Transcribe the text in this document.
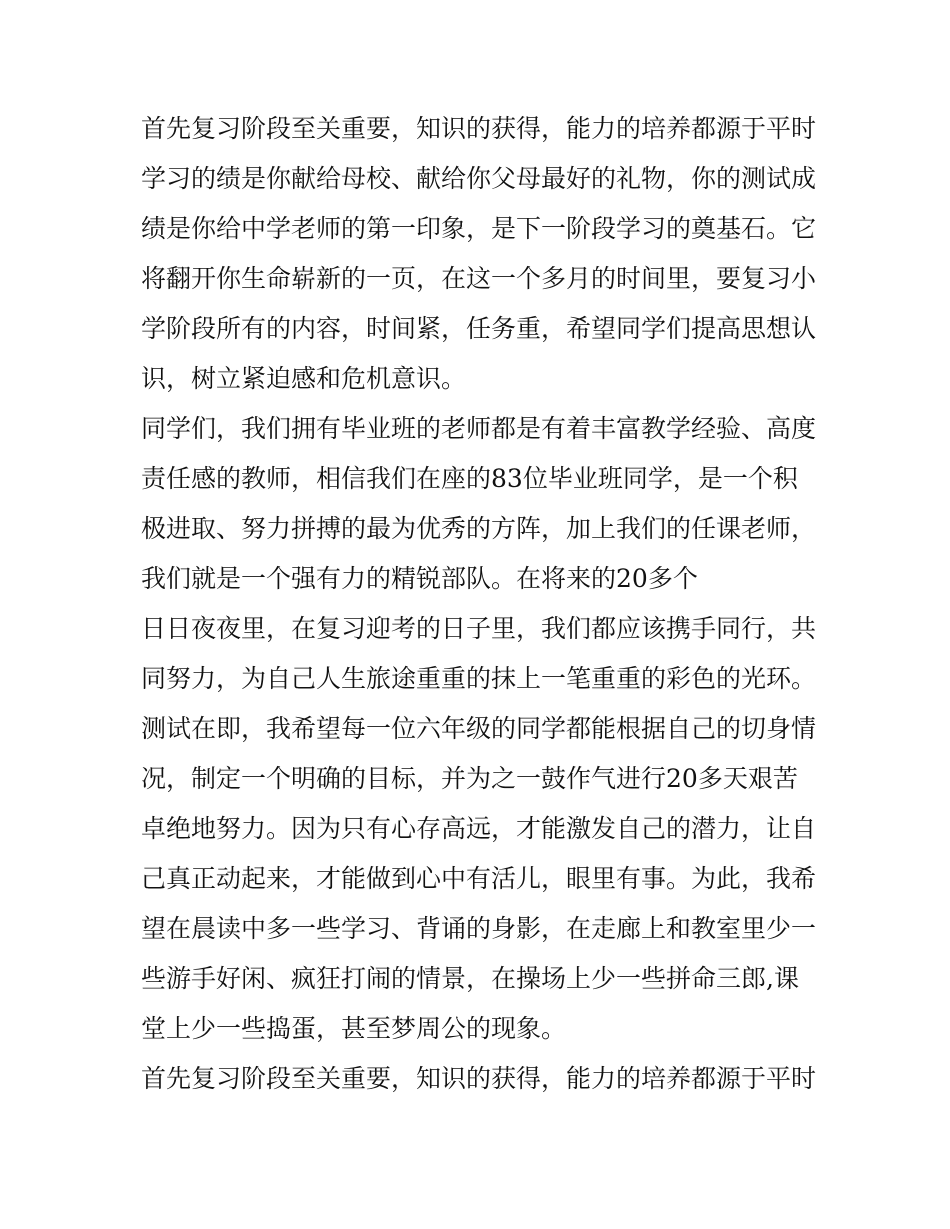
首先复习阶段至关重要，知识的获得，能力的培养都源于平时
学习的绩是你献给母校、献给你父母最好的礼物，你的测试成
绩是你给中学老师的第一印象，是下一阶段学习的奠基石。它
将翻开你生命崭新的一页，在这一个多月的时间里，要复习小
学阶段所有的内容，时间紧，任务重，希望同学们提高思想认
识，树立紧迫感和危机意识。
同学们，我们拥有毕业班的老师都是有着丰富教学经验、高度
责任感的教师，相信我们在座的83位毕业班同学，是一个积
极进取、努力拼搏的最为优秀的方阵，加上我们的任课老师，
我们就是一个强有力的精锐部队。在将来的20多个
日日夜夜里，在复习迎考的日子里，我们都应该携手同行，共
同努力，为自己人生旅途重重的抹上一笔重重的彩色的光环。
测试在即，我希望每一位六年级的同学都能根据自己的切身情
况，制定一个明确的目标，并为之一鼓作气进行20多天艰苦
卓绝地努力。因为只有心存高远，才能激发自己的潜力，让自
己真正动起来，才能做到心中有活儿，眼里有事。为此，我希
望在晨读中多一些学习、背诵的身影，在走廊上和教室里少一
些游手好闲、疯狂打闹的情景，在操场上少一些拼命三郎,课
堂上少一些捣蛋，甚至梦周公的现象。
首先复习阶段至关重要，知识的获得，能力的培养都源于平时
